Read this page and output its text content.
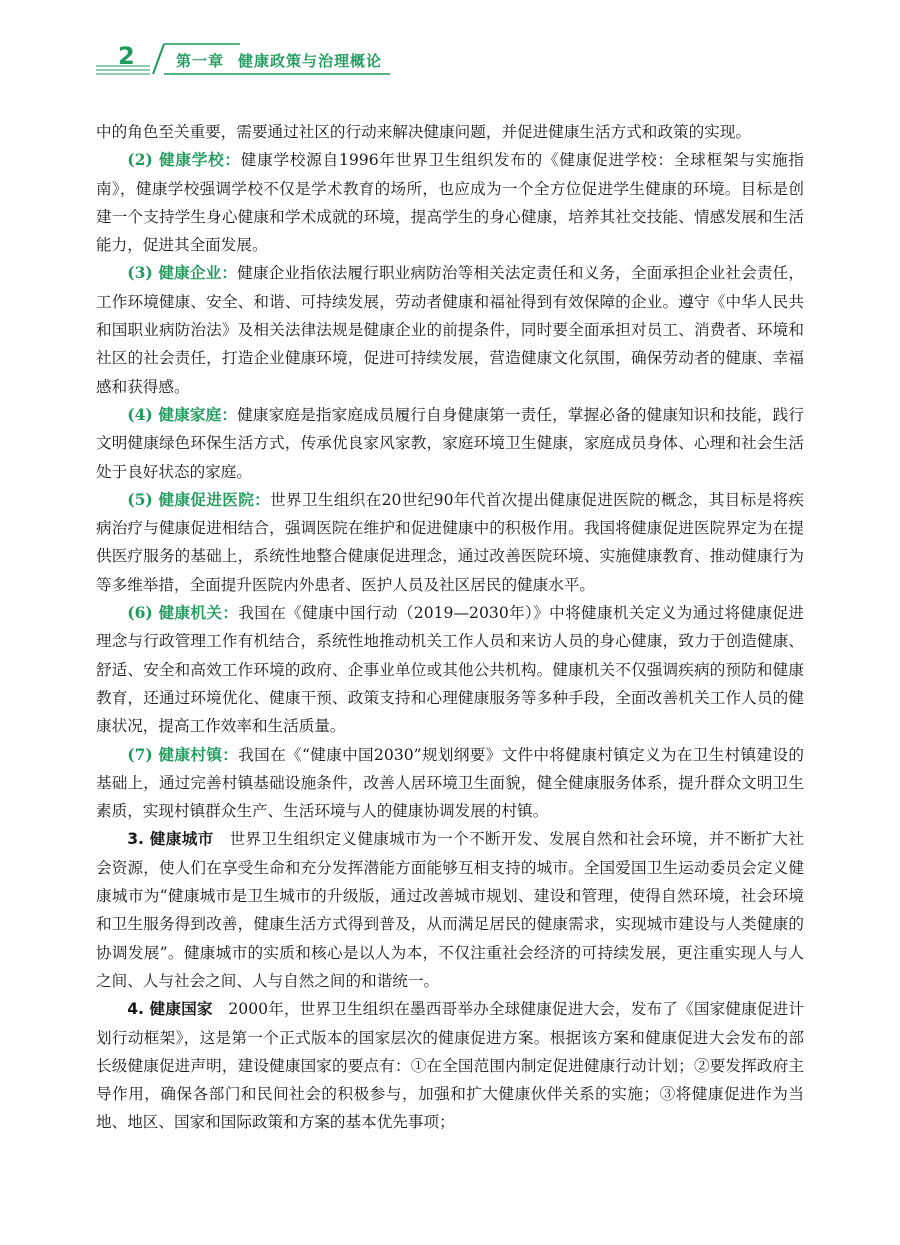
2	第一章 健康政策与治理概论

中的角色至关重要，需要通过社区的行动来解决健康问题，并促进健康生活方式和政策的实现。

(2) 健康学校：健康学校源自1996年世界卫生组织发布的《健康促进学校：全球框架与实施指南》，健康学校强调学校不仅是学术教育的场所，也应成为一个全方位促进学生健康的环境。目标是创建一个支持学生身心健康和学术成就的环境，提高学生的身心健康，培养其社交技能、情感发展和生活能力，促进其全面发展。

(3) 健康企业：健康企业指依法履行职业病防治等相关法定责任和义务，全面承担企业社会责任，工作环境健康、安全、和谐、可持续发展，劳动者健康和福祉得到有效保障的企业。遵守《中华人民共和国职业病防治法》及相关法律法规是健康企业的前提条件，同时要全面承担对员工、消费者、环境和社区的社会责任，打造企业健康环境，促进可持续发展，营造健康文化氛围，确保劳动者的健康、幸福感和获得感。

(4) 健康家庭：健康家庭是指家庭成员履行自身健康第一责任，掌握必备的健康知识和技能，践行文明健康绿色环保生活方式，传承优良家风家教，家庭环境卫生健康，家庭成员身体、心理和社会生活处于良好状态的家庭。

(5) 健康促进医院：世界卫生组织在20世纪90年代首次提出健康促进医院的概念，其目标是将疾病治疗与健康促进相结合，强调医院在维护和促进健康中的积极作用。我国将健康促进医院界定为在提供医疗服务的基础上，系统性地整合健康促进理念，通过改善医院环境、实施健康教育、推动健康行为等多维举措，全面提升医院内外患者、医护人员及社区居民的健康水平。

(6) 健康机关：我国在《健康中国行动（2019—2030年）》中将健康机关定义为通过将健康促进理念与行政管理工作有机结合，系统性地推动机关工作人员和来访人员的身心健康，致力于创造健康、舒适、安全和高效工作环境的政府、企事业单位或其他公共机构。健康机关不仅强调疾病的预防和健康教育，还通过环境优化、健康干预、政策支持和心理健康服务等多种手段，全面改善机关工作人员的健康状况，提高工作效率和生活质量。

(7) 健康村镇：我国在《“健康中国2030”规划纲要》文件中将健康村镇定义为在卫生村镇建设的基础上，通过完善村镇基础设施条件，改善人居环境卫生面貌，健全健康服务体系，提升群众文明卫生素质，实现村镇群众生产、生活环境与人的健康协调发展的村镇。

3. 健康城市　世界卫生组织定义健康城市为一个不断开发、发展自然和社会环境，并不断扩大社会资源，使人们在享受生命和充分发挥潜能方面能够互相支持的城市。全国爱国卫生运动委员会定义健康城市为“健康城市是卫生城市的升级版，通过改善城市规划、建设和管理，使得自然环境，社会环境和卫生服务得到改善，健康生活方式得到普及，从而满足居民的健康需求，实现城市建设与人类健康的协调发展”。健康城市的实质和核心是以人为本，不仅注重社会经济的可持续发展，更注重实现人与人之间、人与社会之间、人与自然之间的和谐统一。

4. 健康国家　2000年，世界卫生组织在墨西哥举办全球健康促进大会，发布了《国家健康促进计划行动框架》，这是第一个正式版本的国家层次的健康促进方案。根据该方案和健康促进大会发布的部长级健康促进声明，建设健康国家的要点有：①在全国范围内制定促进健康行动计划；②要发挥政府主导作用，确保各部门和民间社会的积极参与，加强和扩大健康伙伴关系的实施；③将健康促进作为当地、地区、国家和国际政策和方案的基本优先事项；
